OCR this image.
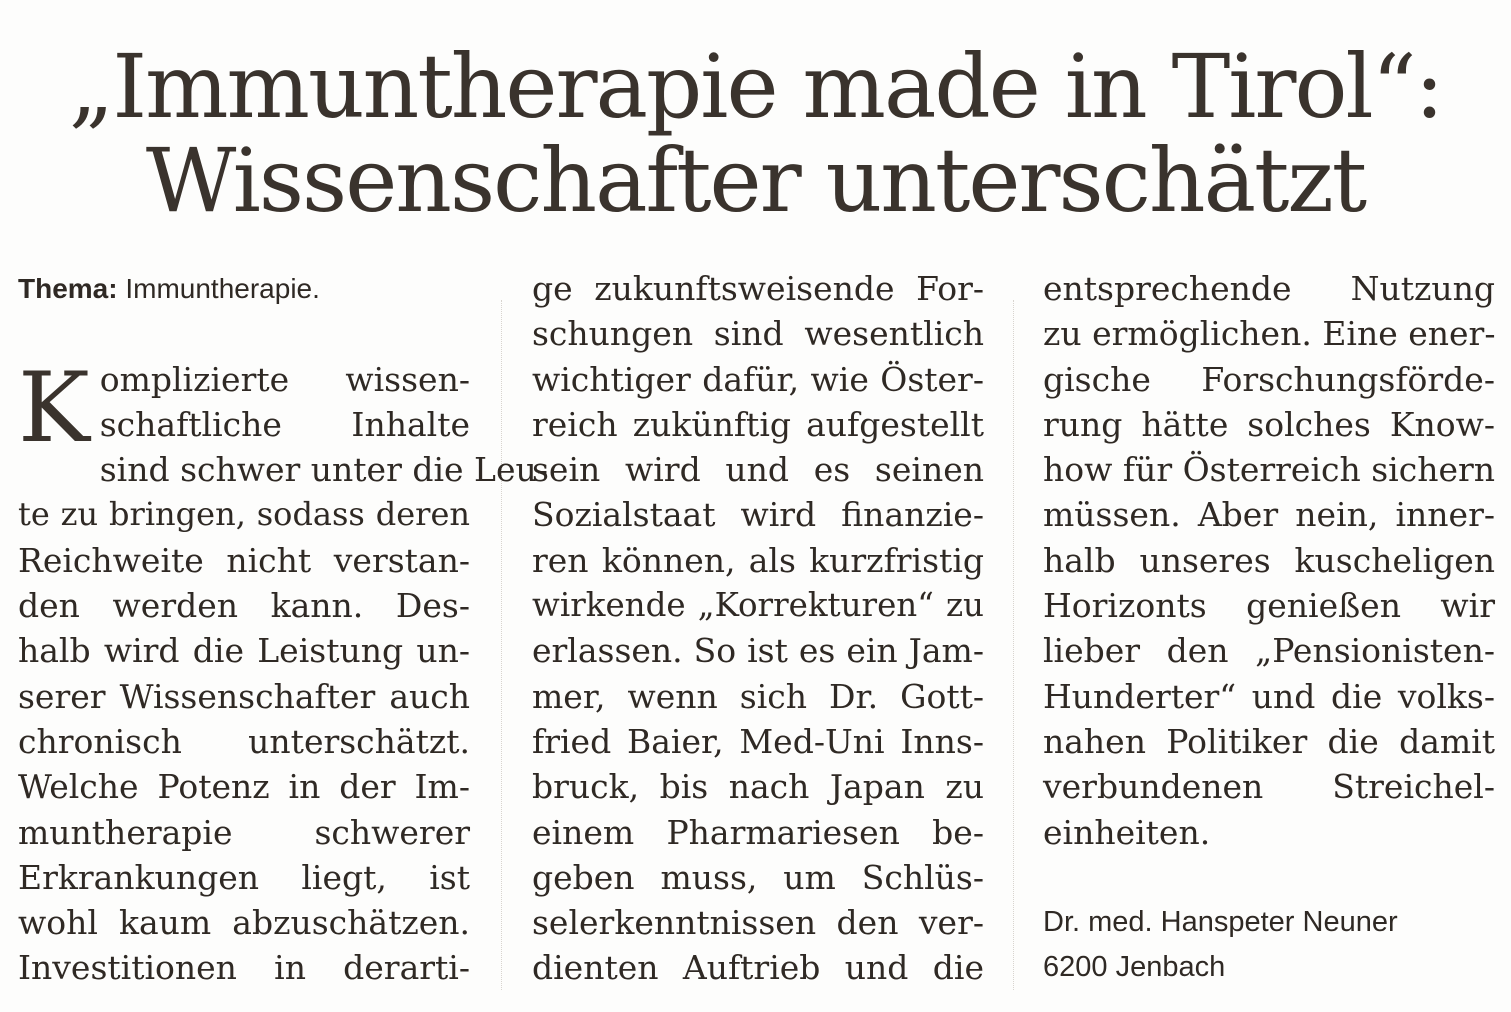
„Immuntherapie made in Tirol“:
Wissenschafter unterschätzt
Thema: Immuntherapie.
K omplizierte wissen-
schaftliche Inhalte
sind schwer unter die Leu-
te zu bringen, sodass deren
Reichweite nicht verstan-
den werden kann. Des-
halb wird die Leistung un-
serer Wissenschafter auch
chronisch unterschätzt.
Welche Potenz in der Im-
muntherapie schwerer
Erkrankungen liegt, ist
wohl kaum abzuschätzen.
Investitionen in derarti-
ge zukunftsweisende For-
schungen sind wesentlich
wichtiger dafür, wie Öster-
reich zukünftig aufgestellt
sein wird und es seinen
Sozialstaat wird finanzie-
ren können, als kurzfristig
wirkende „Korrekturen“ zu
erlassen. So ist es ein Jam-
mer, wenn sich Dr. Gott-
fried Baier, Med-Uni Inns-
bruck, bis nach Japan zu
einem Pharmariesen be-
geben muss, um Schlüs-
selerkenntnissen den ver-
dienten Auftrieb und die
entsprechende Nutzung
zu ermöglichen. Eine ener-
gische Forschungsförde-
rung hätte solches Know-
how für Österreich sichern
müssen. Aber nein, inner-
halb unseres kuscheligen
Horizonts genießen wir
lieber den „Pensionisten-
Hunderter“ und die volks-
nahen Politiker die damit
verbundenen Streichel-
einheiten.
Dr. med. Hanspeter Neuner
6200 Jenbach
